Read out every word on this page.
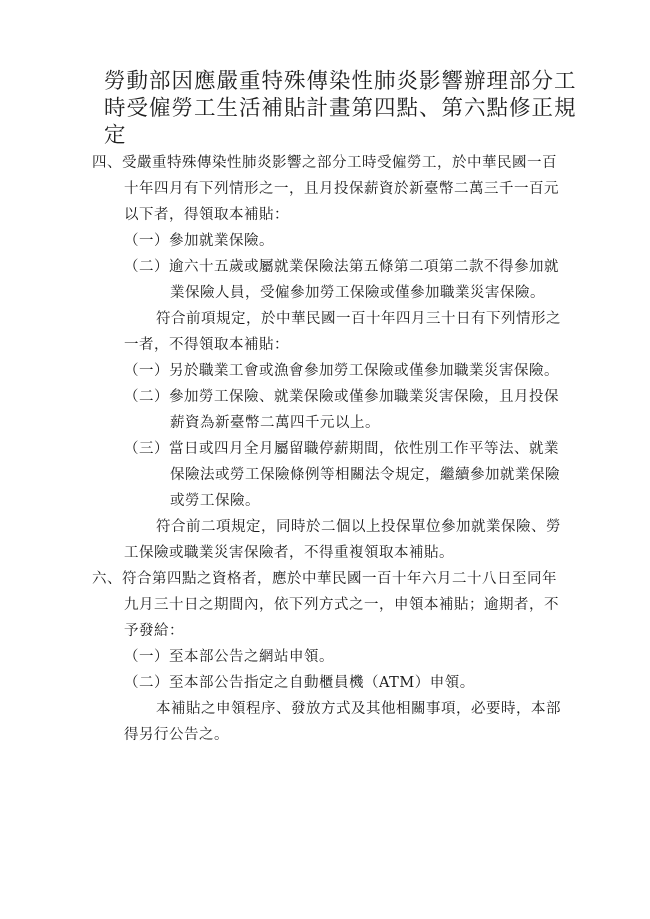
勞動部因應嚴重特殊傳染性肺炎影響辦理部分工時受僱勞工生活補貼計畫第四點、第六點修正規定
四、受嚴重特殊傳染性肺炎影響之部分工時受僱勞工，於中華民國一百
十年四月有下列情形之一，且月投保薪資於新臺幣二萬三千一百元
以下者，得領取本補貼：
（一）參加就業保險。
（二）逾六十五歲或屬就業保險法第五條第二項第二款不得參加就
業保險人員，受僱參加勞工保險或僅參加職業災害保險。
符合前項規定，於中華民國一百十年四月三十日有下列情形之
一者，不得領取本補貼：
（一）另於職業工會或漁會參加勞工保險或僅參加職業災害保險。
（二）參加勞工保險、就業保險或僅參加職業災害保險，且月投保
薪資為新臺幣二萬四千元以上。
（三）當日或四月全月屬留職停薪期間，依性別工作平等法、就業
保險法或勞工保險條例等相關法令規定，繼續參加就業保險
或勞工保險。
符合前二項規定，同時於二個以上投保單位參加就業保險、勞
工保險或職業災害保險者，不得重複領取本補貼。
六、符合第四點之資格者，應於中華民國一百十年六月二十八日至同年
九月三十日之期間內，依下列方式之一，申領本補貼；逾期者，不
予發給：
（一）至本部公告之網站申領。
（二）至本部公告指定之自動櫃員機（ATM）申領。
本補貼之申領程序、發放方式及其他相關事項，必要時，本部
得另行公告之。
